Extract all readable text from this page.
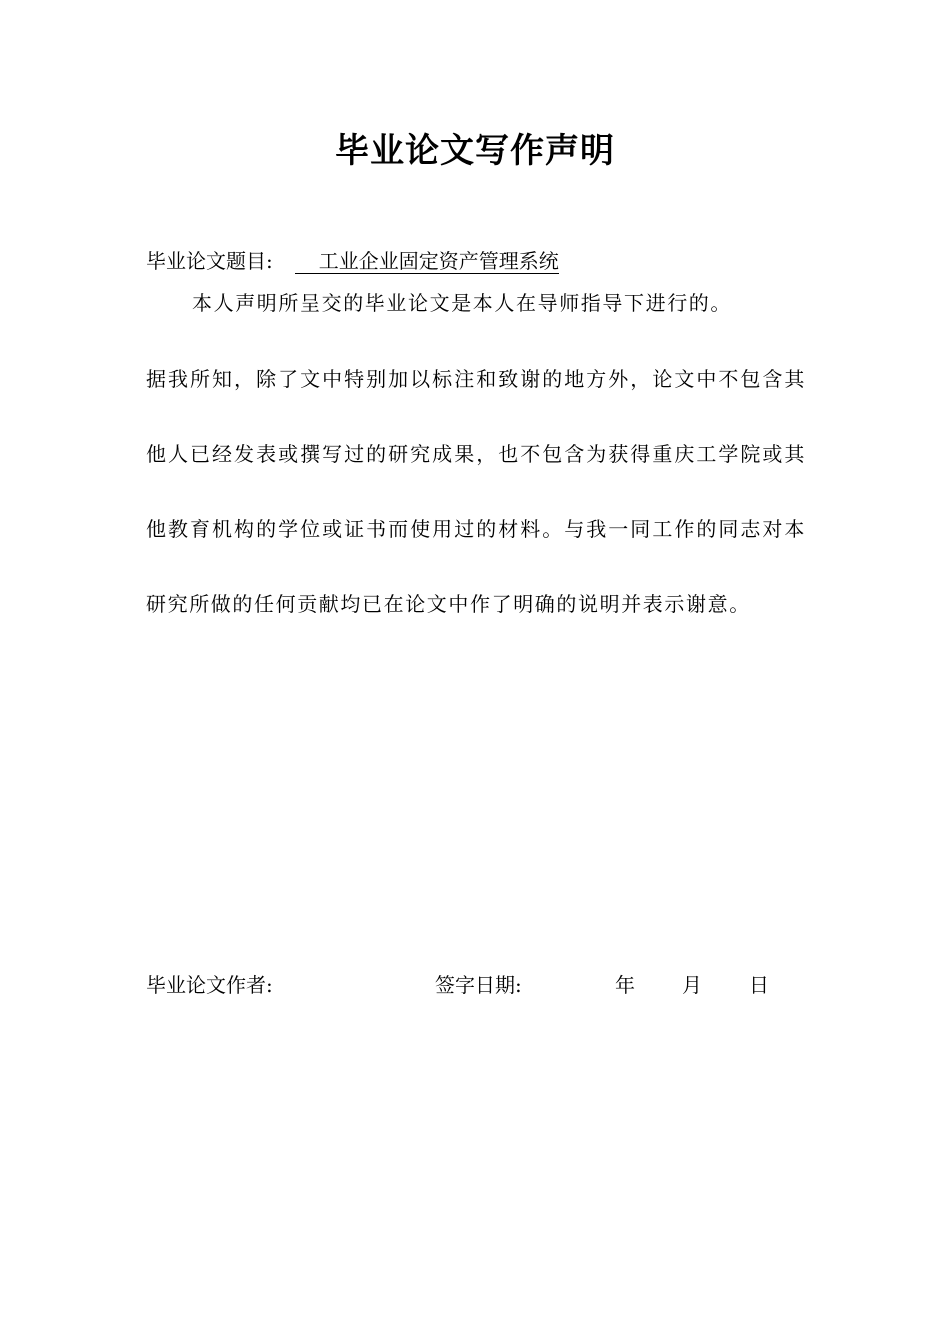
毕业论文写作声明
毕业论文题目: 工业企业固定资产管理系统

本人声明所呈交的毕业论文是本人在导师指导下进行的。
据我所知，除了文中特别加以标注和致谢的地方外，论文中不包含其他人已经发表或撰写过的研究成果，也不包含为获得重庆工学院或其他教育机构的学位或证书而使用过的材料。与我一同工作的同志对本研究所做的任何贡献均已在论文中作了明确的说明并表示谢意。

毕业论文作者:	签字日期:	年 月 日
